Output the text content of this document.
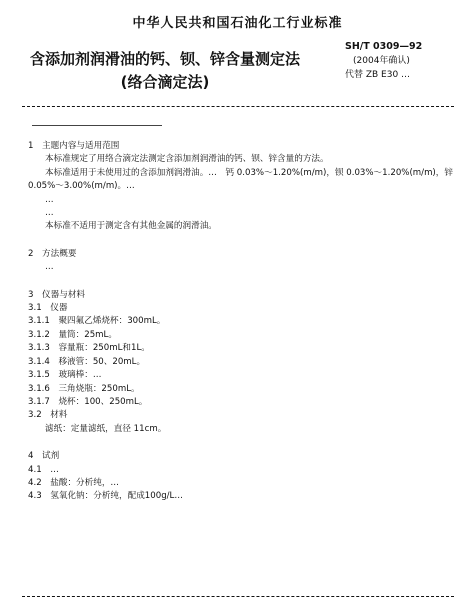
中华人民共和国石油化工行业标准
SH/T 0309—92
(2004年确认)
代替 ZB E30 …
含添加剂润滑油的钙、钡、锌含量测定法
(络合滴定法)
1　主题内容与适用范围
本标准规定了用络合滴定法测定含添加剂润滑油的钙、钡、锌含量的方法。
本标准适用于未使用过的含添加剂润滑油。…　钙 0.03%～1.20%(m/m)，钡 0.03%～1.20%(m/m)，锌 0.05%～3.00%(m/m)。…
…
…
本标准不适用于测定含有其他金属的润滑油。
2　方法概要
…
3　仪器与材料
3.1　仪器
3.1.1　聚四氟乙烯烧杯：300mL。
3.1.2　量筒：25mL。
3.1.3　容量瓶：250mL和1L。
3.1.4　移液管：50、20mL。
3.1.5　玻璃棒：…
3.1.6　三角烧瓶：250mL。
3.1.7　烧杯：100、250mL。
3.2　材料
滤纸：定量滤纸，直径 11cm。
4　试剂
4.1　…
4.2　盐酸：分析纯，…
4.3　氢氧化钠：分析纯，配成100g/L…
